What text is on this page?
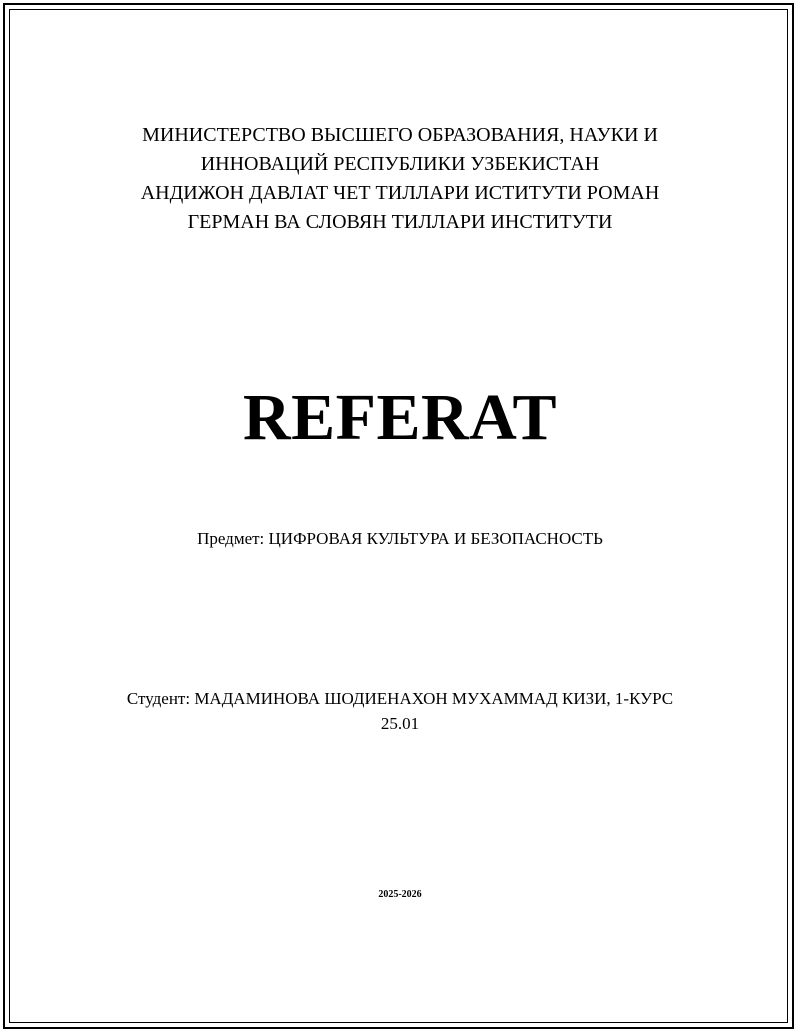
МИНИСТЕРСТВО ВЫСШЕГО ОБРАЗОВАНИЯ, НАУКИ И
ИННОВАЦИЙ РЕСПУБЛИКИ УЗБЕКИСТАН
АНДИЖОН ДАВЛАТ ЧЕТ ТИЛЛАРИ ИСТИТУТИ РОМАН
ГЕРМАН ВА СЛОВЯН ТИЛЛАРИ ИНСТИТУТИ
REFERAT
Предмет: ЦИФРОВАЯ КУЛЬТУРА И БЕЗОПАСНОСТЬ
Студент: МАДАМИНОВА ШОДИЕНАХОН МУХАММАД КИЗИ, 1-КУРС 25.01
2025-2026
